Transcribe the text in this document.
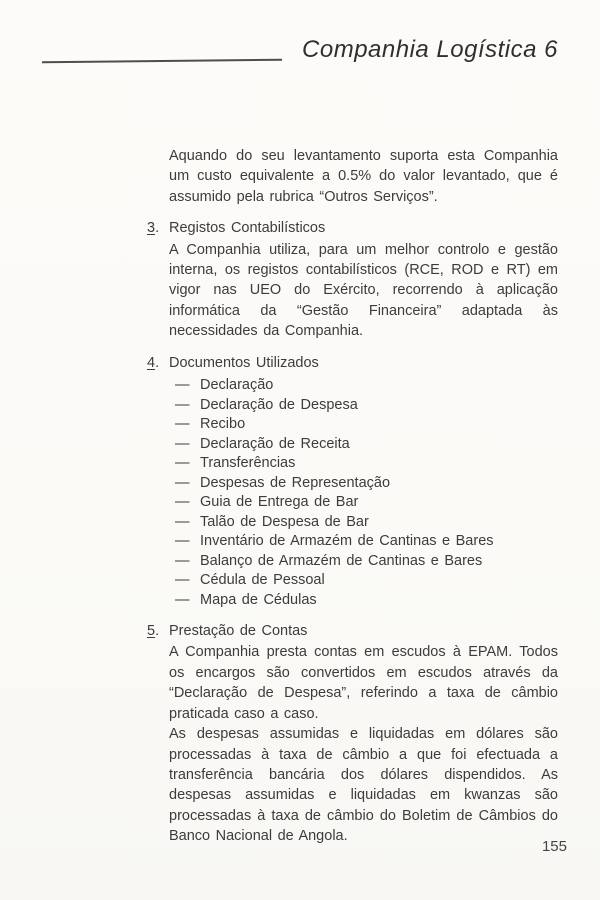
Companhia Logística 6

Aquando do seu levantamento suporta esta Companhia um custo equivalente a 0.5% do valor levantado, que é assumido pela rubrica “Outros Serviços”.

3. Registos Contabilísticos

A Companhia utiliza, para um melhor controlo e gestão interna, os registos contabilísticos (RCE, ROD e RT) em vigor nas UEO do Exército, recorrendo à aplicação informática da “Gestão Financeira” adaptada às necessidades da Companhia.

4. Documentos Utilizados
— Declaração
— Declaração de Despesa
— Recibo
— Declaração de Receita
— Transferências
— Despesas de Representação
— Guia de Entrega de Bar
— Talão de Despesa de Bar
— Inventário de Armazém de Cantinas e Bares
— Balanço de Armazém de Cantinas e Bares
— Cédula de Pessoal
— Mapa de Cédulas
5. Prestação de Contas

A Companhia presta contas em escudos à EPAM. Todos os encargos são convertidos em escudos através da “Declaração de Despesa”, referindo a taxa de câmbio praticada caso a caso.

As despesas assumidas e liquidadas em dólares são processadas à taxa de câmbio a que foi efectuada a transferência bancária dos dólares dispendidos. As despesas assumidas e liquidadas em kwanzas são processadas à taxa de câmbio do Boletim de Câmbios do Banco Nacional de Angola.

155
